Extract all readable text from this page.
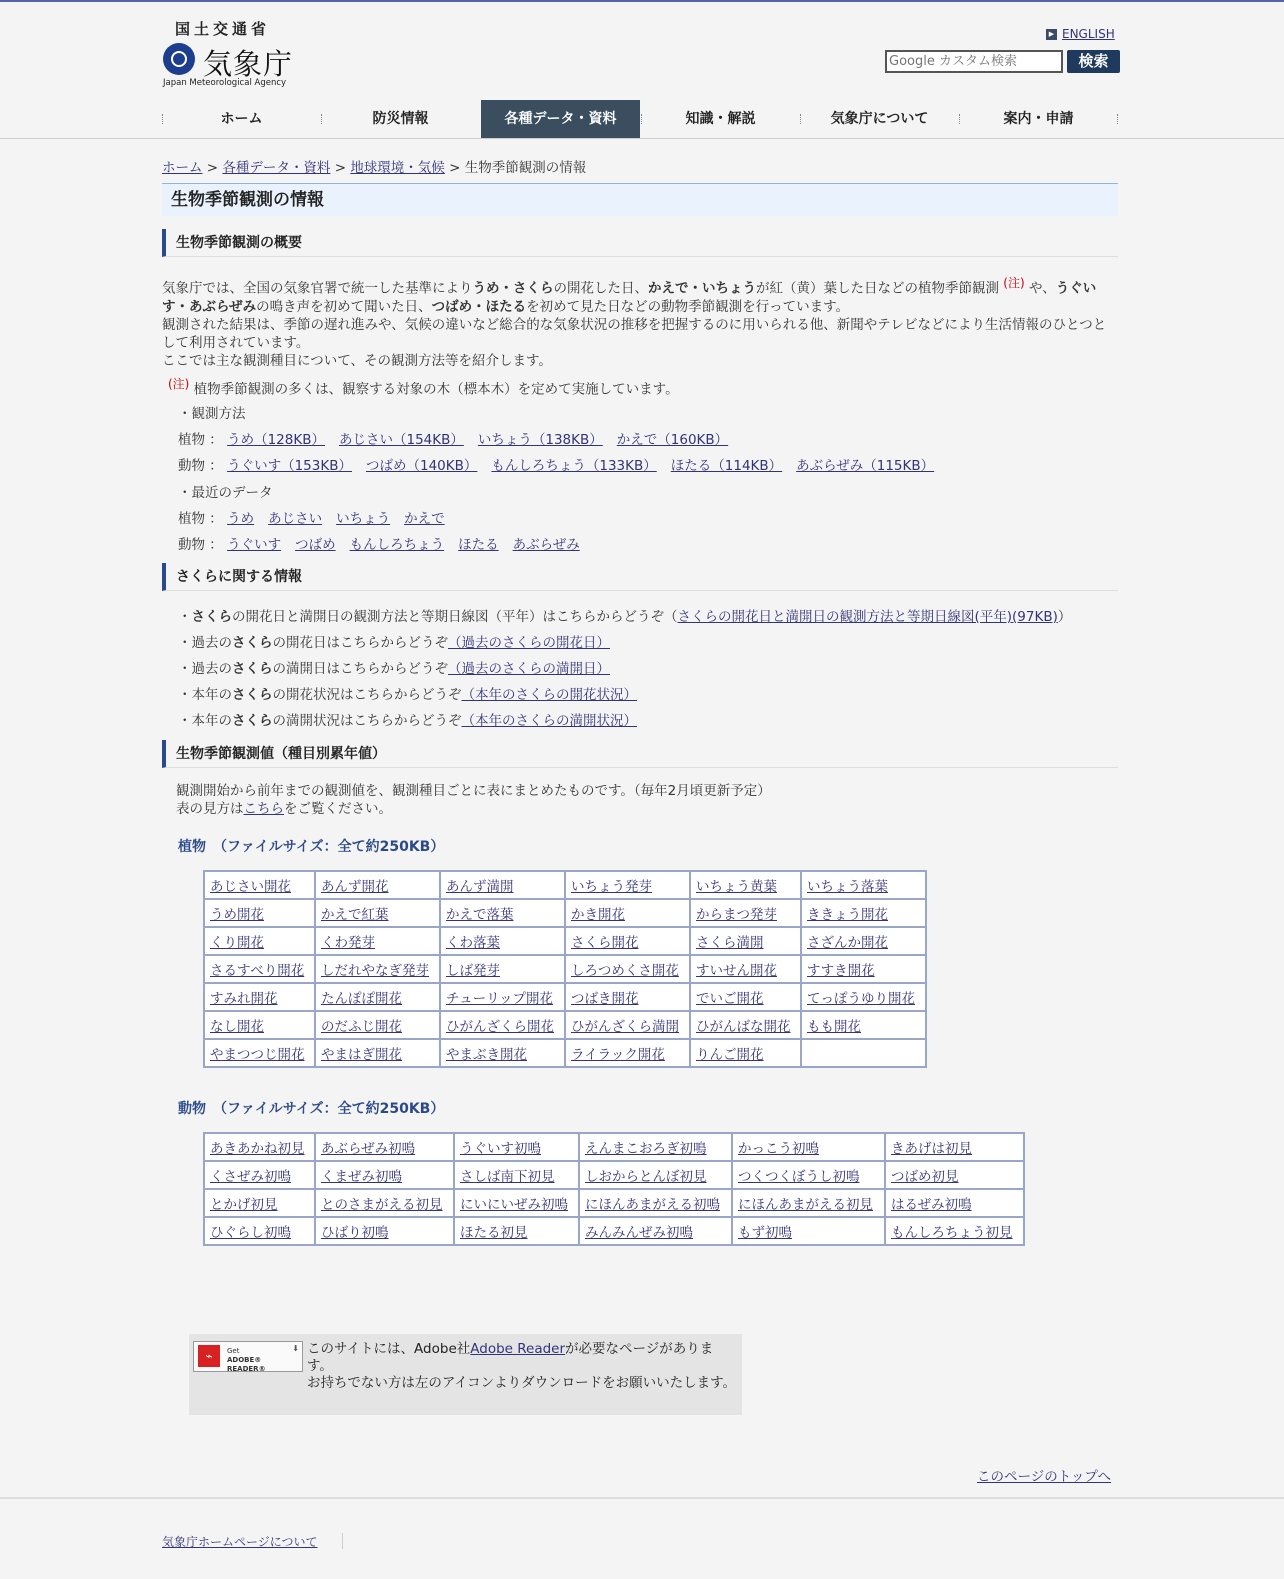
国土交通省
気象庁
Japan Meteorological Agency
▶ ENGLISH
Google カスタム検索
検索
ホーム	防災情報	各種データ・資料	知識・解説	気象庁について	案内・申請
ホーム > 各種データ・資料 > 地球環境・気候 > 生物季節観測の情報
生物季節観測の情報
生物季節観測の概要
気象庁では、全国の気象官署で統一した基準によりうめ・さくらの開花した日、かえで・いちょうが紅（黄）葉した日などの植物季節観測 $^{(注)}$ や、うぐいす・あぶらぜみの鳴き声を初めて聞いた日、つばめ・ほたるを初めて見た日などの動物季節観測を行っています。
観測された結果は、季節の遅れ進みや、気候の違いなど総合的な気象状況の推移を把握するのに用いられる他、新聞やテレビなどにより生活情報のひとつとして利用されています。
ここでは主な観測種目について、その観測方法等を紹介します。
$^{(注)}$ 植物季節観測の多くは、観察する対象の木（標本木）を定めて実施しています。
・観測方法
植物 ： うめ（128KB） あじさい（154KB） いちょう（138KB） かえで（160KB）
動物 ： うぐいす（153KB） つばめ（140KB） もんしろちょう（133KB） ほたる（114KB） あぶらぜみ（115KB）
・最近のデータ
植物 ： うめ あじさい いちょう かえで
動物 ： うぐいす つばめ もんしろちょう ほたる あぶらぜみ
さくらに関する情報
・さくらの開花日と満開日の観測方法と等期日線図（平年）はこちらからどうぞ（さくらの開花日と満開日の観測方法と等期日線図(平年)(97KB)）
・過去のさくらの開花日はこちらからどうぞ（過去のさくらの開花日）
・過去のさくらの満開日はこちらからどうぞ（過去のさくらの満開日）
・本年のさくらの開花状況はこちらからどうぞ（本年のさくらの開花状況）
・本年のさくらの満開状況はこちらからどうぞ（本年のさくらの満開状況）
生物季節観測値（種目別累年値）
観測開始から前年までの観測値を、観測種目ごとに表にまとめたものです。（毎年2月頃更新予定）
表の見方はこちらをご覧ください。
植物　（ファイルサイズ：全て約250KB）
あじさい開花	あんず開花	あんず満開	いちょう発芽	いちょう黄葉	いちょう落葉
うめ開花	かえで紅葉	かえで落葉	かき開花	からまつ発芽	ききょう開花
くり開花	くわ発芽	くわ落葉	さくら開花	さくら満開	さざんか開花
さるすべり開花	しだれやなぎ発芽	しば発芽	しろつめくさ開花	すいせん開花	すすき開花
すみれ開花	たんぽぽ開花	チューリップ開花	つばき開花	でいご開花	てっぽうゆり開花
なし開花	のだふじ開花	ひがんざくら開花	ひがんざくら満開	ひがんばな開花	もも開花
やまつつじ開花	やまはぎ開花	やまぶき開花	ライラック開花	りんご開花	
動物　（ファイルサイズ：全て約250KB）
あきあかね初見	あぶらぜみ初鳴	うぐいす初鳴	えんまこおろぎ初鳴	かっこう初鳴	きあげは初見
くさぜみ初鳴	くまぜみ初鳴	さしば南下初見	しおからとんぼ初見	つくつくぼうし初鳴	つばめ初見
とかげ初見	とのさまがえる初見	にいにいぜみ初鳴	にほんあまがえる初鳴	にほんあまがえる初見	はるぜみ初鳴
ひぐらし初鳴	ひばり初鳴	ほたる初見	みんみんぜみ初鳴	もず初鳴	もんしろちょう初見
⌁	Get
ADOBE® READER®
⬇ このサイトには、Adobe社Adobe Readerが必要なページがあります。
お持ちでない方は左のアイコンよりダウンロードをお願いいたします。
このページのトップへ
気象庁ホームページについて
